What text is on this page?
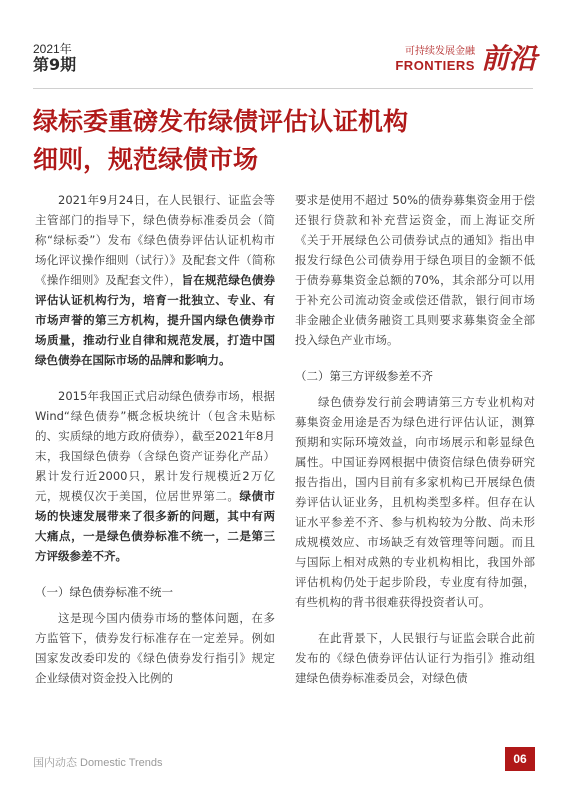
2021年
第9期
可持续发展金融
FRONTIERS 前沿
绿标委重磅发布绿债评估认证机构
细则，规范绿债市场

2021年9月24日，在人民银行、证监会等主管部门的指导下，绿色债券标准委员会（简称“绿标委”）发布《绿色债券评估认证机构市场化评议操作细则（试行）》及配套文件（简称《操作细则》及配套文件），旨在规范绿色债券评估认证机构行为，培育一批独立、专业、有市场声誉的第三方机构，提升国内绿色债券市场质量，推动行业自律和规范发展，打造中国绿色债券在国际市场的品牌和影响力。

2015年我国正式启动绿色债券市场，根据Wind“绿色债券”概念板块统计（包含未贴标的、实质绿的地方政府债券），截至2021年8月末，我国绿色债券（含绿色资产证券化产品）累计发行近2000只，累计发行规模近2万亿元，规模仅次于美国，位居世界第二。绿债市场的快速发展带来了很多新的问题，其中有两大痛点，一是绿色债券标准不统一，二是第三方评级参差不齐。

（一）绿色债券标准不统一

这是现今国内债券市场的整体问题，在多方监管下，债券发行标准存在一定差异。例如国家发改委印发的《绿色债券发行指引》规定企业绿债对资金投入比例的

要求是使用不超过 50%的债券募集资金用于偿还银行贷款和补充营运资金，而上海证交所《关于开展绿色公司债券试点的通知》指出申报发行绿色公司债券用于绿色项目的金额不低于债券募集资金总额的70%，其余部分可以用于补充公司流动资金或偿还借款，银行间市场非金融企业债务融资工具则要求募集资金全部投入绿色产业市场。

（二）第三方评级参差不齐

绿色债券发行前会聘请第三方专业机构对募集资金用途是否为绿色进行评估认证，测算预期和实际环境效益，向市场展示和彰显绿色属性。中国证券网根据中债资信绿色债券研究报告指出，国内目前有多家机构已开展绿色债券评估认证业务，且机构类型多样。但存在认证水平参差不齐、参与机构较为分散、尚未形成规模效应、市场缺乏有效管理等问题。而且与国际上相对成熟的专业机构相比，我国外部评估机构仍处于起步阶段，专业度有待加强，有些机构的背书很难获得投资者认可。

在此背景下，人民银行与证监会联合此前发布的《绿色债券评估认证行为指引》推动组建绿色债券标准委员会，对绿色债

国内动态 Domestic Trends	06
